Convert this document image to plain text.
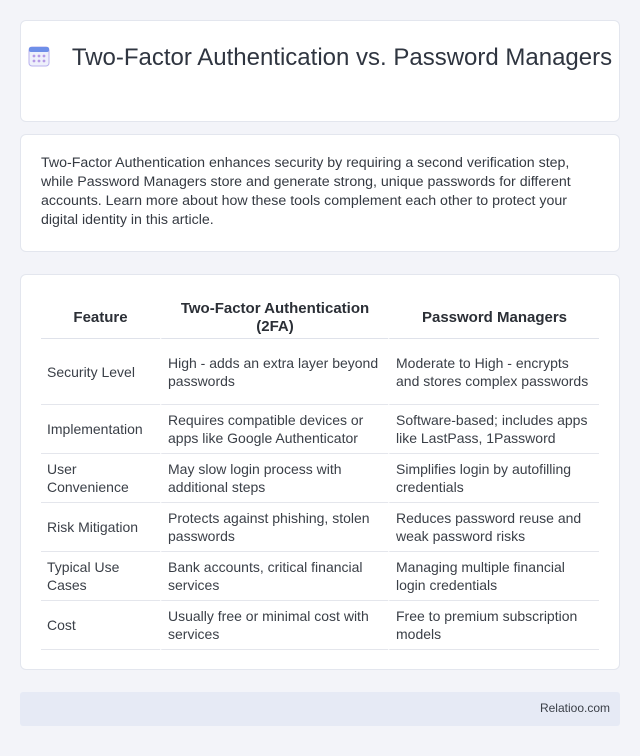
Two-Factor Authentication vs. Password Managers

Two-Factor Authentication enhances security by requiring a second verification step, while Password Managers store and generate strong, unique passwords for different accounts. Learn more about how these tools complement each other to protect your digital identity in this article.

Feature	Two-Factor Authentication (2FA)	Password Managers
Security Level	High - adds an extra layer beyond passwords	Moderate to High - encrypts and stores complex passwords
Implementation	Requires compatible devices or apps like Google Authenticator	Software-based; includes apps like LastPass, 1Password
User Convenience	May slow login process with additional steps	Simplifies login by autofilling credentials
Risk Mitigation	Protects against phishing, stolen passwords	Reduces password reuse and weak password risks
Typical Use Cases	Bank accounts, critical financial services	Managing multiple financial login credentials
Cost	Usually free or minimal cost with services	Free to premium subscription models
Relatioo.com
